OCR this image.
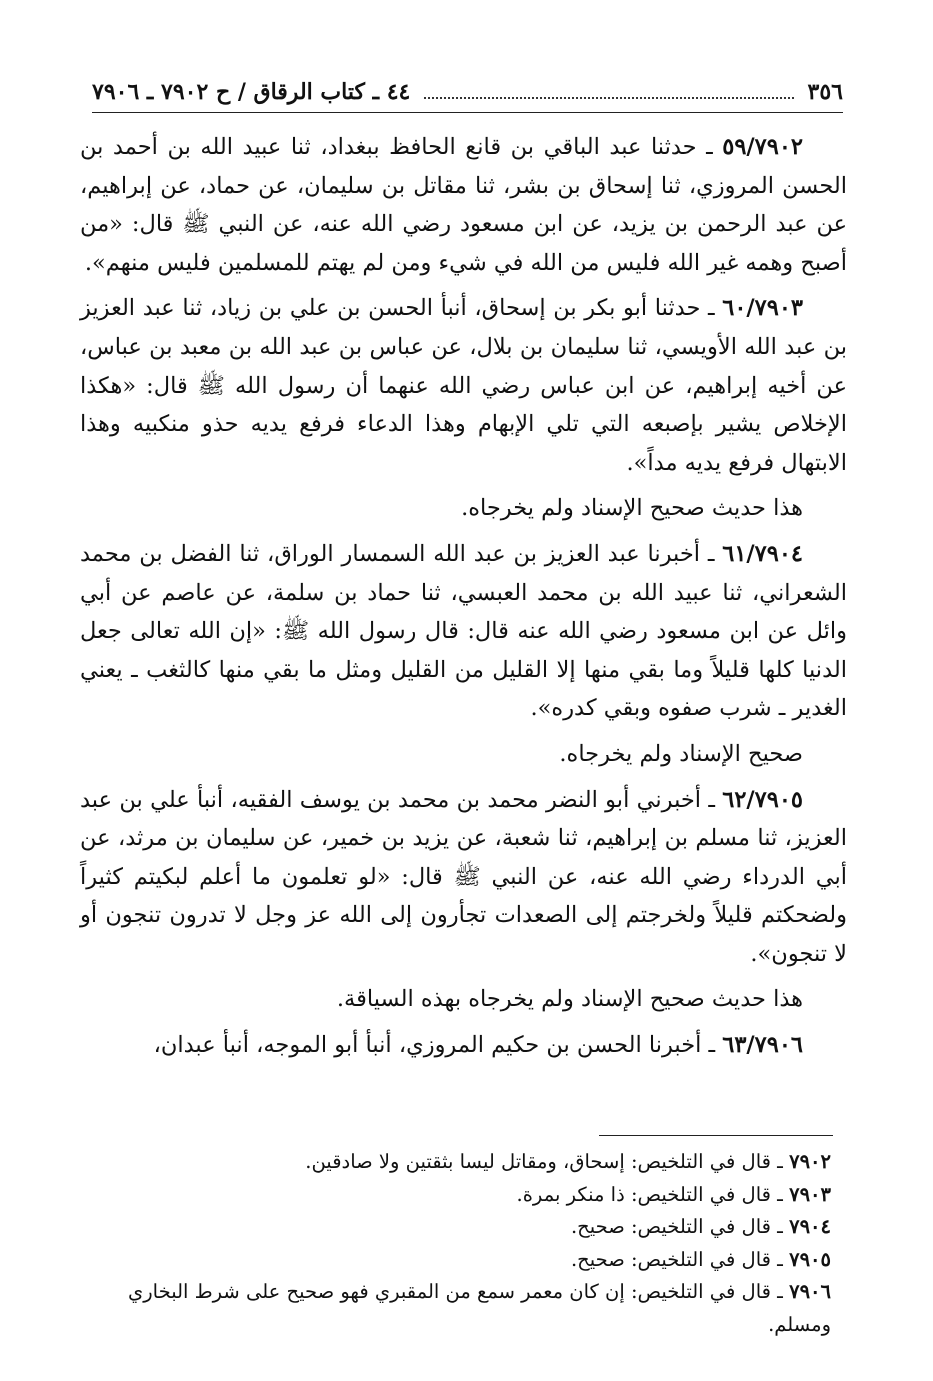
٣٥٦
٤٤ ـ كتاب الرقاق / ح ٧٩٠٢ ـ ٧٩٠٦

٥٩/٧٩٠٢ ـ حدثنا عبد الباقي بن قانع الحافظ ببغداد، ثنا عبيد الله بن أحمد بن الحسن المروزي، ثنا إسحاق بن بشر، ثنا مقاتل بن سليمان، عن حماد، عن إبراهيم، عن عبد الرحمن بن يزيد، عن ابن مسعود رضي الله عنه، عن النبي ﷺ قال: «من أصبح وهمه غير الله فليس من الله في شيء ومن لم يهتم للمسلمين فليس منهم».

٦٠/٧٩٠٣ ـ حدثنا أبو بكر بن إسحاق، أنبأ الحسن بن علي بن زياد، ثنا عبد العزيز بن عبد الله الأويسي، ثنا سليمان بن بلال، عن عباس بن عبد الله بن معبد بن عباس، عن أخيه إبراهيم، عن ابن عباس رضي الله عنهما أن رسول الله ﷺ قال: «هكذا الإخلاص يشير بإصبعه التي تلي الإبهام وهذا الدعاء فرفع يديه حذو منكبيه وهذا الابتهال فرفع يديه مداً».

هذا حديث صحيح الإسناد ولم يخرجاه.

٦١/٧٩٠٤ ـ أخبرنا عبد العزيز بن عبد الله السمسار الوراق، ثنا الفضل بن محمد الشعراني، ثنا عبيد الله بن محمد العبسي، ثنا حماد بن سلمة، عن عاصم عن أبي وائل عن ابن مسعود رضي الله عنه قال: قال رسول الله ﷺ: «إن الله تعالى جعل الدنيا كلها قليلاً وما بقي منها إلا القليل من القليل ومثل ما بقي منها كالثغب ـ يعني الغدير ـ شرب صفوه وبقي كدره».

صحيح الإسناد ولم يخرجاه.

٦٢/٧٩٠٥ ـ أخبرني أبو النضر محمد بن محمد بن يوسف الفقيه، أنبأ علي بن عبد العزيز، ثنا مسلم بن إبراهيم، ثنا شعبة، عن يزيد بن خمير، عن سليمان بن مرثد، عن أبي الدرداء رضي الله عنه، عن النبي ﷺ قال: «لو تعلمون ما أعلم لبكيتم كثيراً ولضحكتم قليلاً ولخرجتم إلى الصعدات تجأرون إلى الله عز وجل لا تدرون تنجون أو لا تنجون».

هذا حديث صحيح الإسناد ولم يخرجاه بهذه السياقة.

٦٣/٧٩٠٦ ـ أخبرنا الحسن بن حكيم المروزي، أنبأ أبو الموجه، أنبأ عبدان،

٧٩٠٢ ـ قال في التلخيص: إسحاق، ومقاتل ليسا بثقتين ولا صادقين.

٧٩٠٣ ـ قال في التلخيص: ذا منكر بمرة.

٧٩٠٤ ـ قال في التلخيص: صحيح.

٧٩٠٥ ـ قال في التلخيص: صحيح.

٧٩٠٦ ـ قال في التلخيص: إن كان معمر سمع من المقبري فهو صحيح على شرط البخاري ومسلم.
